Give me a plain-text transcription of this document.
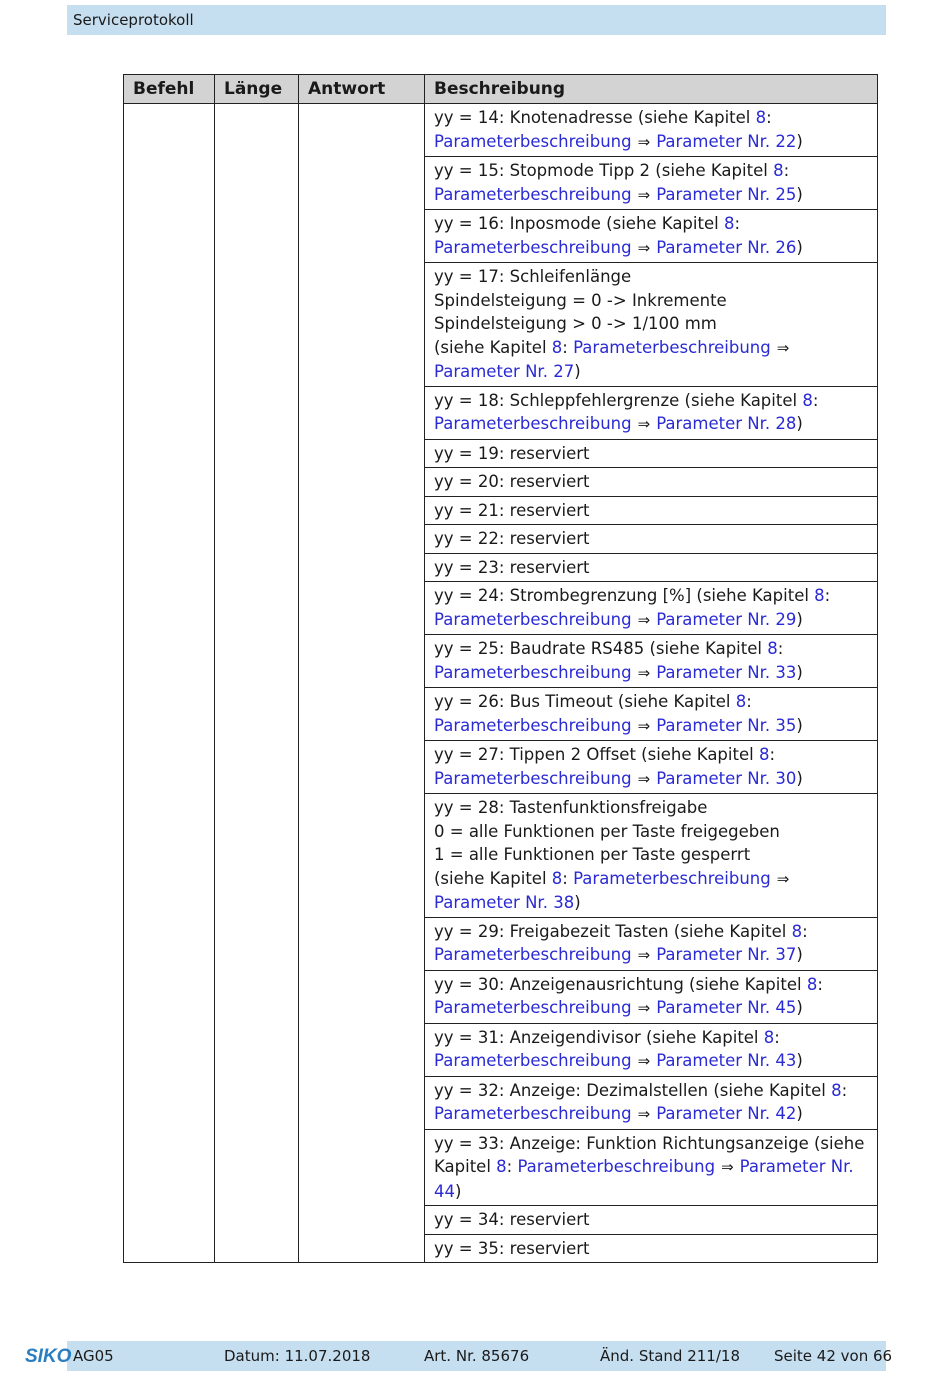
Serviceprotokoll
Befehl	Länge	Antwort	Beschreibung

			yy = 14: Knotenadresse (siehe Kapitel 8: Parameterbeschreibung ⇒ Parameter Nr. 22)

			yy = 15: Stopmode Tipp 2 (siehe Kapitel 8: Parameterbeschreibung ⇒ Parameter Nr. 25)

			yy = 16: Inposmode (siehe Kapitel 8: Parameterbeschreibung ⇒ Parameter Nr. 26)

			yy = 17: Schleifenlänge
Spindelsteigung = 0 -> Inkremente
Spindelsteigung > 0 -> 1/100 mm
(siehe Kapitel 8: Parameterbeschreibung ⇒Parameter Nr. 27)

			yy = 18: Schleppfehlergrenze (siehe Kapitel 8: Parameterbeschreibung ⇒ Parameter Nr. 28)

			yy = 19: reserviert
			yy = 20: reserviert
			yy = 21: reserviert
			yy = 22: reserviert
			yy = 23: reserviert

			yy = 24: Strombegrenzung [%] (siehe Kapitel 8: Parameterbeschreibung ⇒ Parameter Nr. 29)

			yy = 25: Baudrate RS485 (siehe Kapitel 8: Parameterbeschreibung ⇒ Parameter Nr. 33)

			yy = 26: Bus Timeout (siehe Kapitel 8: Parameterbeschreibung ⇒ Parameter Nr. 35)

			yy = 27: Tippen 2 Offset (siehe Kapitel 8: Parameterbeschreibung ⇒ Parameter Nr. 30)

			yy = 28: Tastenfunktionsfreigabe
0 = alle Funktionen per Taste freigegeben
1 = alle Funktionen per Taste gesperrt
(siehe Kapitel 8: Parameterbeschreibung ⇒Parameter Nr. 38)

			yy = 29: Freigabezeit Tasten (siehe Kapitel 8: Parameterbeschreibung ⇒ Parameter Nr. 37)

			yy = 30: Anzeigenausrichtung (siehe Kapitel 8: Parameterbeschreibung ⇒ Parameter Nr. 45)

			yy = 31: Anzeigendivisor (siehe Kapitel 8: Parameterbeschreibung ⇒ Parameter Nr. 43)

			yy = 32: Anzeige: Dezimalstellen (siehe Kapitel 8: Parameterbeschreibung ⇒ Parameter Nr. 42)

			yy = 33: Anzeige: Funktion Richtungsanzeige (siehe Kapitel 8: Parameterbeschreibung ⇒ Parameter Nr. 44)

			yy = 34: reserviert
			yy = 35: reserviert
AG05	Datum: 11.07.2018	Art. Nr. 85676	Änd. Stand 211/18 Seite 42 von 66
SIKO
